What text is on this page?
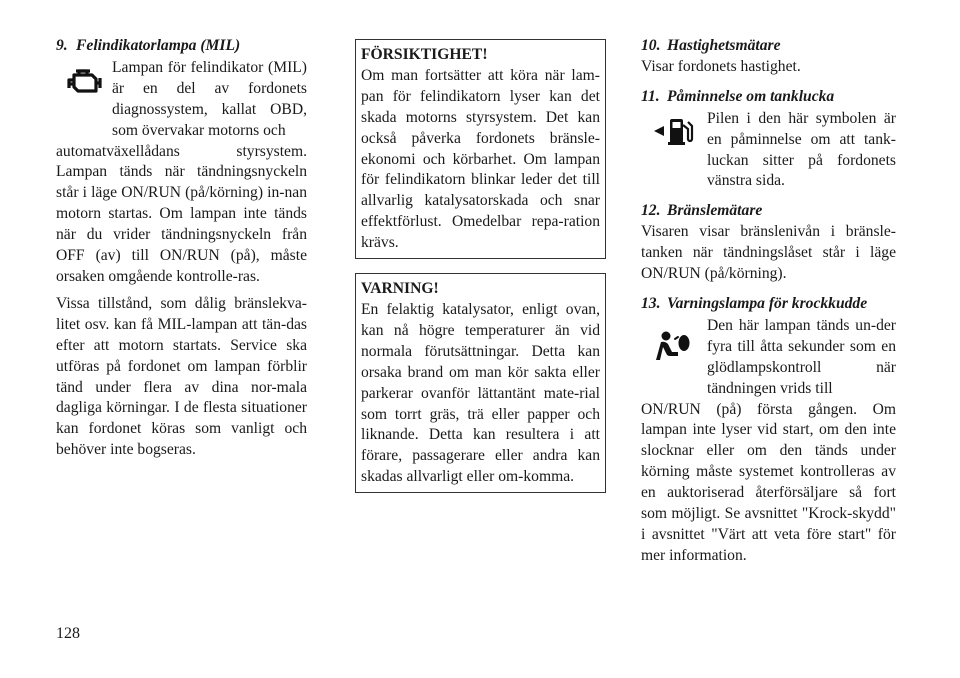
9. Felindikatorlampa (MIL)

Lampan för felindikator (MIL) är en del av fordonets diagnossystem, kallat OBD, som övervakar motorns och

automatväxellådans styrsystem. Lampan tänds när tändningsnyckeln står i läge ON/RUN (på/körning) in-nan motorn startas. Om lampan inte tänds när du vrider tändningsnyckeln från OFF (av) till ON/RUN (på), måste orsaken omgående kontrolle-ras.

Vissa tillstånd, som dålig bränslekva-litet osv. kan få MIL-lampan att tän-das efter att motorn startats. Service ska utföras på fordonet om lampan förblir tänd under flera av dina nor-mala dagliga körningar. I de flesta situationer kan fordonet köras som vanligt och behöver inte bogseras.

FÖRSIKTIGHET!

Om man fortsätter att köra när lam-pan för felindikatorn lyser kan det skada motorns styrsystem. Det kan också påverka fordonets bränsle-ekonomi och körbarhet. Om lampan för felindikatorn blinkar leder det till allvarlig katalysatorskada och snar effektförlust. Omedelbar repa-ration krävs.

VARNING!

En felaktig katalysator, enligt ovan, kan nå högre temperaturer än vid normala förutsättningar. Detta kan orsaka brand om man kör sakta eller parkerar ovanför lättantänt mate-rial som torrt gräs, trä eller papper och liknande. Detta kan resultera i att förare, passagerare eller andra kan skadas allvarligt eller om-komma.

10. Hastighetsmätare

Visar fordonets hastighet.

11. Påminnelse om tanklucka

Pilen i den här symbolen är en påminnelse om att tank-luckan sitter på fordonets vänstra sida.

12. Bränslemätare

Visaren visar bränslenivån i bränsle-tanken när tändningslåset står i läge ON/RUN (på/körning).

13. Varningslampa för krockkudde

Den här lampan tänds un-der fyra till åtta sekunder som en glödlampskontroll när tändningen vrids till

ON/RUN (på) första gången. Om lampan inte lyser vid start, om den inte slocknar eller om den tänds under körning måste systemet kontrolleras av en auktoriserad återförsäljare så fort som möjligt. Se avsnittet "Krock-skydd" i avsnittet "Värt att veta före start" för mer information.

128
